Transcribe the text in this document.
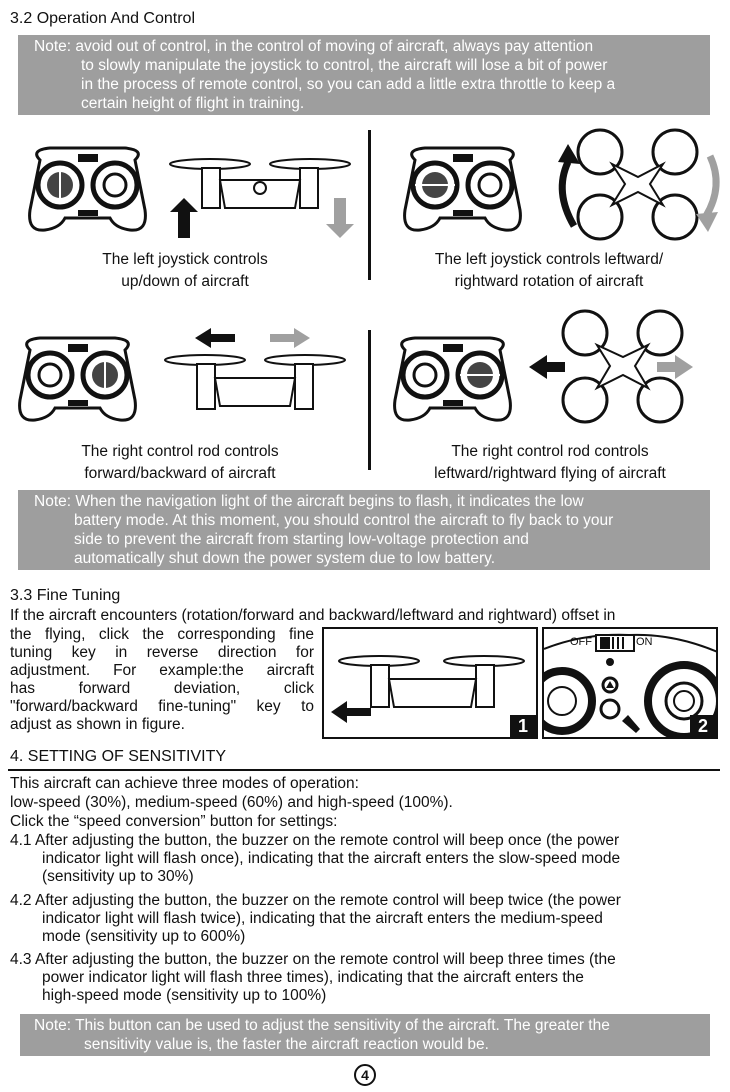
3.2 Operation And Control
Note: avoid out of control, in the control of moving of aircraft, always pay attention
to slowly manipulate the joystick to control, the aircraft will lose a bit of power
in the process of remote control, so you can add a little extra throttle to keep a
certain height of flight in training.
The left joystick controls
up/down of aircraft
The left joystick controls leftward/
rightward rotation of aircraft
The right control rod controls
forward/backward of aircraft
The right control rod controls
leftward/rightward flying of aircraft
Note: When the navigation light of the aircraft begins to flash, it indicates the low
battery mode. At this moment, you should control the aircraft to fly back to your
side to prevent the aircraft from starting low-voltage protection and
automatically shut down the power system due to low battery.
3.3 Fine Tuning
If the aircraft encounters (rotation/forward and backward/leftward and rightward) offset in
the flying, click the corresponding fine
tuning key in reverse direction for
adjustment. For example:the aircraft
has forward deviation, click
"forward/backward fine-tuning" key to
adjust as shown in figure.	1
OFF	ON
2
4. SETTING OF SENSITIVITY
This aircraft can achieve three modes of operation:
low-speed (30%), medium-speed (60%) and high-speed (100%).
Click the “speed conversion” button for settings:
4.1 After adjusting the button, the buzzer on the remote control will beep once (the power
indicator light will flash once), indicating that the aircraft enters the slow-speed mode
(sensitivity up to 30%)
4.2 After adjusting the button, the buzzer on the remote control will beep twice (the power
indicator light will flash twice), indicating that the aircraft enters the medium-speed
mode (sensitivity up to 600%)
4.3 After adjusting the button, the buzzer on the remote control will beep three times (the
power indicator light will flash three times), indicating that the aircraft enters the
high-speed mode (sensitivity up to 100%)
Note: This button can be used to adjust the sensitivity of the aircraft. The greater the
sensitivity value is, the faster the aircraft reaction would be.
4
